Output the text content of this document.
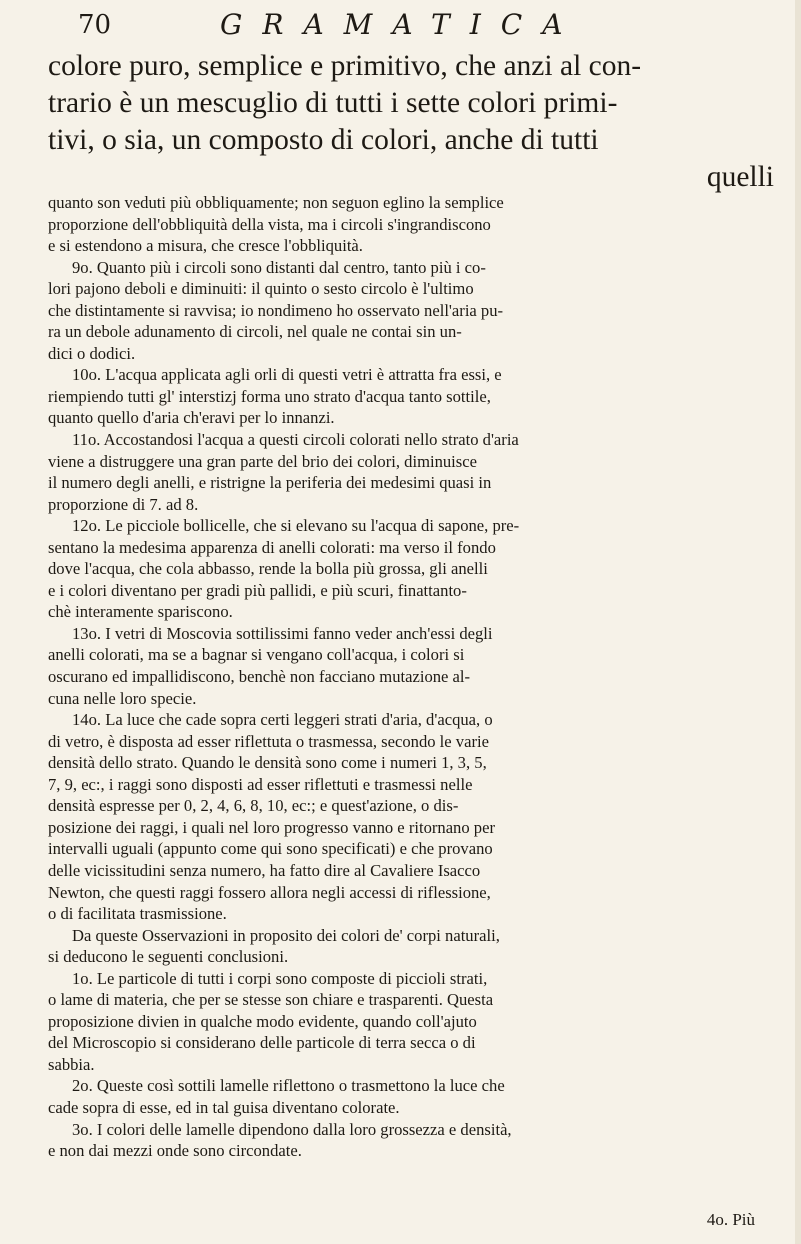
70	GRAMATICA
colore puro, semplice e primitivo, che anzi al con-
trario è un mescuglio di tutti i sette colori primi-
tivi, o sia, un composto di colori, anche di tutti
quelli
quanto son veduti più obbliquamente; non seguon eglino la semplice
proporzione dell'obbliquità della vista, ma i circoli s'ingrandiscono
e si estendono a misura, che cresce l'obbliquità.
9o. Quanto più i circoli sono distanti dal centro, tanto più i co-
lori pajono deboli e diminuiti: il quinto o sesto circolo è l'ultimo
che distintamente si ravvisa; io nondimeno ho osservato nell'aria pu-
ra un debole adunamento di circoli, nel quale ne contai sin un-
dici o dodici.
10o. L'acqua applicata agli orli di questi vetri è attratta fra essi, e
riempiendo tutti gl' interstizj forma uno strato d'acqua tanto sottile,
quanto quello d'aria ch'eravi per lo innanzi.
11o. Accostandosi l'acqua a questi circoli colorati nello strato d'aria
viene a distruggere una gran parte del brio dei colori, diminuisce
il numero degli anelli, e ristrigne la periferia dei medesimi quasi in
proporzione di 7. ad 8.
12o. Le picciole bollicelle, che si elevano su l'acqua di sapone, pre-
sentano la medesima apparenza di anelli colorati: ma verso il fondo
dove l'acqua, che cola abbasso, rende la bolla più grossa, gli anelli
e i colori diventano per gradi più pallidi, e più scuri, finattanto-
chè interamente sparisconο.
13o. I vetri di Moscovia sottilissimi fanno veder anch'essi degli
anelli colorati, ma se a bagnar si vengano coll'acqua, i colori si
oscurano ed impallidiscono, benchè non facciano mutazione al-
cuna nelle loro specie.
14o. La luce che cade sopra certi leggeri strati d'aria, d'acqua, o
di vetro, è disposta ad esser riflettuta o trasmessa, secondo le varie
densità dello strato. Quando le densità sono come i numeri 1, 3, 5,
7, 9, ec:, i raggi sono disposti ad esser riflettuti e trasmessi nelle
densità espresse per 0, 2, 4, 6, 8, 10, ec:; e quest'azione, o dis-
posizione dei raggi, i quali nel loro progresso vanno e ritornano per
intervalli uguali (appunto come qui sono specificati) e che provano
delle vicissitudini senza numero, ha fatto dire al Cavaliere Isacco
Newton, che questi raggi fossero allora negli accessi di riflessione,
o di facilitata trasmissione.
Da queste Osservazioni in proposito dei colori de' corpi naturali,
si deducono le seguenti conclusioni.
1o. Le particole di tutti i corpi sono composte di piccioli strati,
o lame di materia, che per se stesse son chiare e trasparenti. Questa
proposizione divien in qualche modo evidente, quando coll'ajuto
del Microscopio si considerano delle particole di terra secca o di
sabbia.
2o. Queste così sottili lamelle riflettono o trasmettono la luce che
cade sopra di esse, ed in tal guisa diventano colorate.
3o. I colori delle lamelle dipendono dalla loro grossezza e densità,
e non dai mezzi onde sono circondate.
4o. Più
